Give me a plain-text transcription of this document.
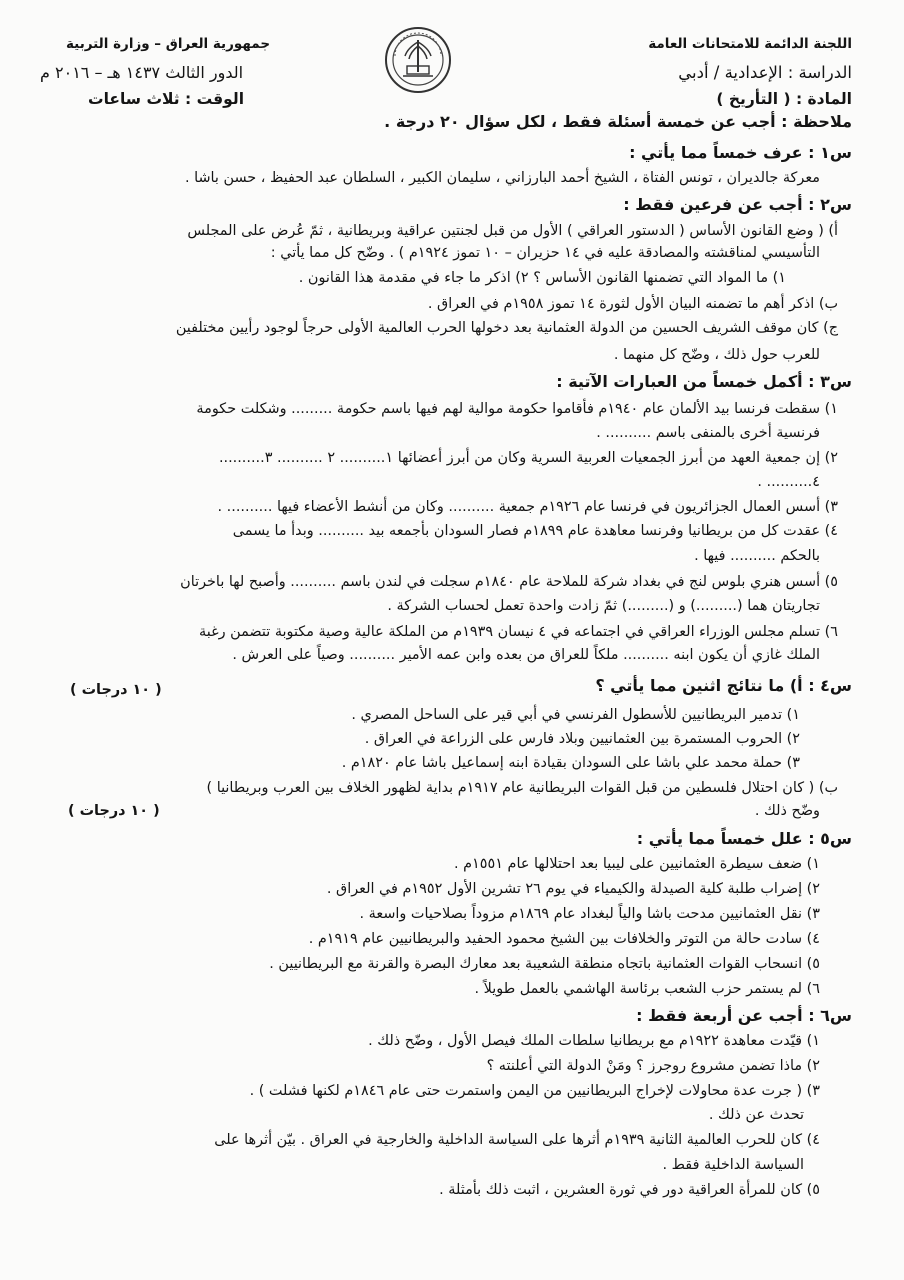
اللجنة الدائمة للامتحانات العامة
الدراسة : الإعدادية / أدبي
المادة : ( التأريخ )
جمهورية العراق – وزارة التربية
الدور الثالث ١٤٣٧ هـ – ٢٠١٦ م
الوقت : ثلاث ساعات
ملاحظة : أجب عن خمسة أسئلة فقط ، لكل سؤال ٢٠ درجة .
س١ : عرف خمساً مما يأتي :
معركة جالديران ، تونس الفتاة ، الشيخ أحمد البارزاني ، سليمان الكبير ، السلطان عبد الحفيظ ، حسن باشا .
س٢ : أجب عن فرعين فقط :
أ) ( وضع القانون الأساس ( الدستور العراقي ) الأول من قبل لجنتين عراقية وبريطانية ، ثمّ عُرض على المجلس
التأسيسي لمناقشته والمصادقة عليه في ١٤ حزيران – ١٠ تموز ١٩٢٤م ) . وضّح كل مما يأتي :
١) ما المواد التي تضمنها القانون الأساس ؟ ٢) اذكر ما جاء في مقدمة هذا القانون .
ب) اذكر أهم ما تضمنه البيان الأول لثورة ١٤ تموز ١٩٥٨م في العراق .
ج) كان موقف الشريف الحسين من الدولة العثمانية بعد دخولها الحرب العالمية الأولى حرجاً لوجود رأيين مختلفين
للعرب حول ذلك ، وضّح كل منهما .
س٣ : أكمل خمساً من العبارات الآتية :
١) سقطت فرنسا بيد الألمان عام ١٩٤٠م فأقاموا حكومة موالية لهم فيها باسم حكومة ......... وشكلت حكومة
فرنسية أخرى بالمنفى باسم .......... .
٢) إن جمعية العهد من أبرز الجمعيات العربية السرية وكان من أبرز أعضائها ١.......... ٢ .......... ٣..........
٤.......... .
٣) أسس العمال الجزائريون في فرنسا عام ١٩٢٦م جمعية .......... وكان من أنشط الأعضاء فيها .......... .
٤) عقدت كل من بريطانيا وفرنسا معاهدة عام ١٨٩٩م فصار السودان بأجمعه بيد .......... وبدأ ما يسمى
بالحكم .......... فيها .
٥) أسس هنري بلوس لنج في بغداد شركة للملاحة عام ١٨٤٠م سجلت في لندن باسم .......... وأصبح لها باخرتان
تجاريتان هما (.........) و (.........) ثمّ زادت واحدة تعمل لحساب الشركة .
٦) تسلم مجلس الوزراء العراقي في اجتماعه في ٤ نيسان ١٩٣٩م من الملكة عالية وصية مكتوبة تتضمن رغبة
الملك غازي أن يكون ابنه .......... ملكاً للعراق من بعده وابن عمه الأمير .......... وصياً على العرش .
س٤ : أ) ما نتائج اثنين مما يأتي ؟
( ١٠ درجات )
١) تدمير البريطانيين للأسطول الفرنسي في أبي قير على الساحل المصري .
٢) الحروب المستمرة بين العثمانيين وبلاد فارس على الزراعة في العراق .
٣) حملة محمد علي باشا على السودان بقيادة ابنه إسماعيل باشا عام ١٨٢٠م .
ب) ( كان احتلال فلسطين من قبل القوات البريطانية عام ١٩١٧م بداية لظهور الخلاف بين العرب وبريطانيا )
وضّح ذلك .
( ١٠ درجات )
س٥ : علل خمساً مما يأتي :
١) ضعف سيطرة العثمانيين على ليبيا بعد احتلالها عام ١٥٥١م .
٢) إضراب طلبة كلية الصيدلة والكيمياء في يوم ٢٦ تشرين الأول ١٩٥٢م في العراق .
٣) نقل العثمانيين مدحت باشا والياً لبغداد عام ١٨٦٩م مزوداً بصلاحيات واسعة .
٤) سادت حالة من التوتر والخلافات بين الشيخ محمود الحفيد والبريطانيين عام ١٩١٩م .
٥) انسحاب القوات العثمانية باتجاه منطقة الشعيبة بعد معارك البصرة والقرنة مع البريطانيين .
٦) لم يستمر حزب الشعب برئاسة الهاشمي بالعمل طويلاً .
س٦ : أجب عن أربعة فقط :
١) قيّدت معاهدة ١٩٢٢م مع بريطانيا سلطات الملك فيصل الأول ، وضّح ذلك .
٢) ماذا تضمن مشروع روجرز ؟ ومَنْ الدولة التي أعلنته ؟
٣) ( جرت عدة محاولات لإخراج البريطانيين من اليمن واستمرت حتى عام ١٨٤٦م لكنها فشلت ) .
تحدث عن ذلك .
٤) كان للحرب العالمية الثانية ١٩٣٩م أثرها على السياسة الداخلية والخارجية في العراق . بيّن أثرها على
السياسة الداخلية فقط .
٥) كان للمرأة العراقية دور في ثورة العشرين ، اثبت ذلك بأمثلة .
